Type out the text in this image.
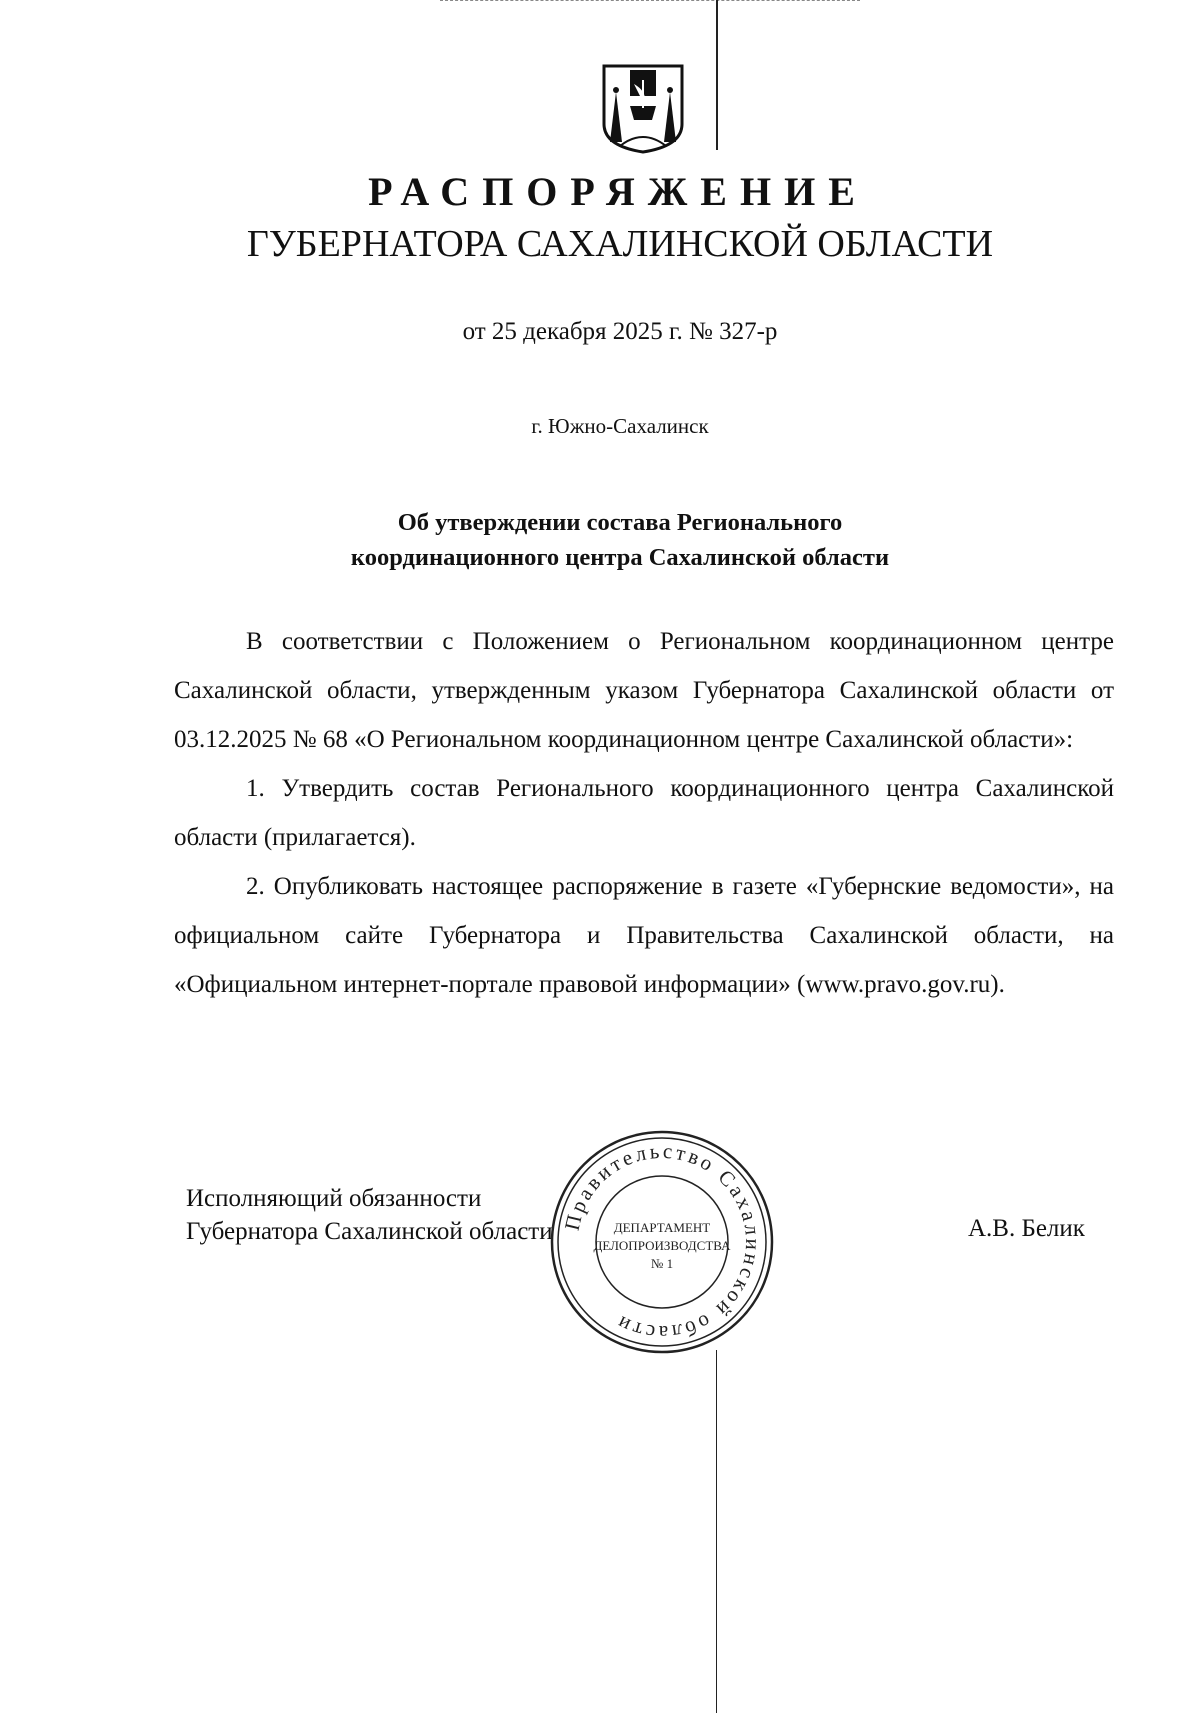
РАСПОРЯЖЕНИЕ
ГУБЕРНАТОРА САХАЛИНСКОЙ ОБЛАСТИ
от 25 декабря 2025 г. № 327-р
г. Южно-Сахалинск
Об утверждении состава Регионального
координационного центра Сахалинской области

В соответствии с Положением о Региональном координационном центре Сахалинской области, утвержденным указом Губернатора Сахалинской области от 03.12.2025 № 68 «О Региональном координационном центре Сахалинской области»:

1. Утвердить состав Регионального координационного центра Сахалинской области (прилагается).

2. Опубликовать настоящее распоряжение в газете «Губернские ведомости», на официальном сайте Губернатора и Правительства Сахалинской области, на «Официальном интернет-портале правовой информации» (www.pravo.gov.ru).

Исполняющий обязанности
Губернатора Сахалинской области	А.В. Белик
Правительство Сахалинской области
ДЕПАРТАМЕНТ
ДЕЛОПРОИЗВОДСТВА
№ 1
